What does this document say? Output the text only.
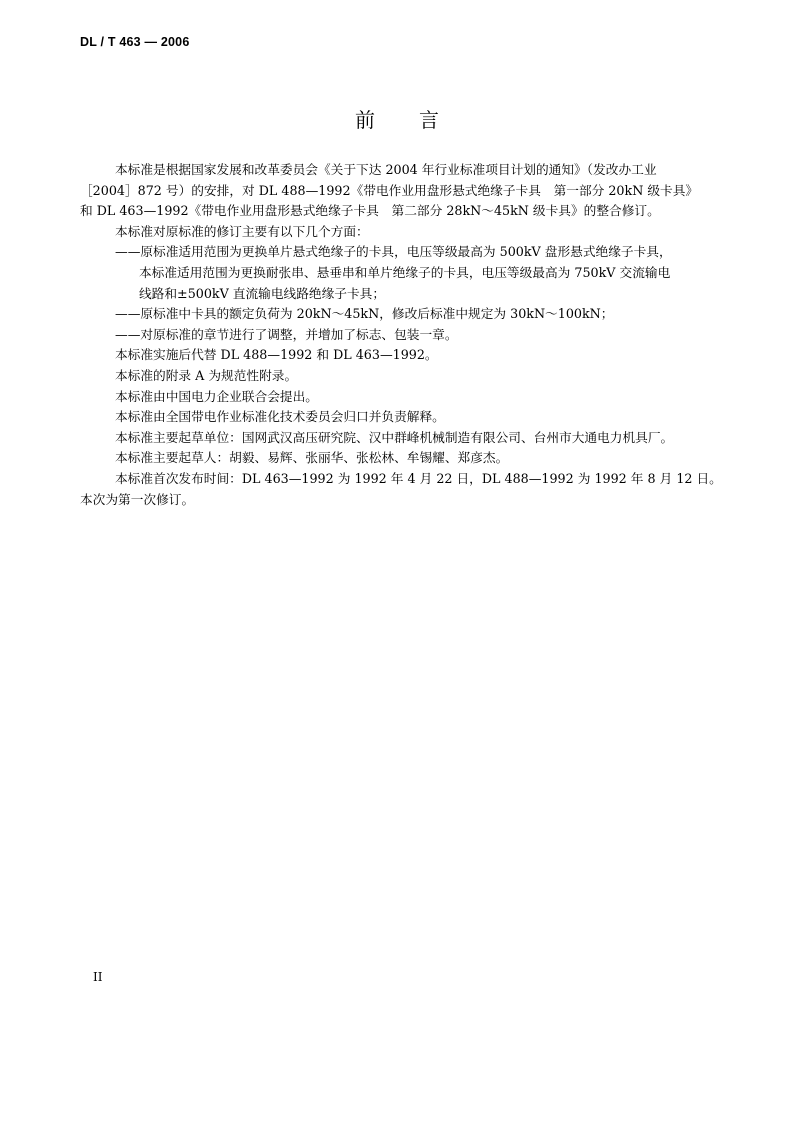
DL / T 463 — 2006
前 言

本标准是根据国家发展和改革委员会《关于下达 2004 年行业标准项目计划的通知》（发改办工业

［2004］872 号）的安排，对 DL 488—1992《带电作业用盘形悬式绝缘子卡具　第一部分 20kN 级卡具》

和 DL 463—1992《带电作业用盘形悬式绝缘子卡具　第二部分 28kN～45kN 级卡具》的整合修订。

本标准对原标准的修订主要有以下几个方面：

——原标准适用范围为更换单片悬式绝缘子的卡具，电压等级最高为 500kV 盘形悬式绝缘子卡具，

本标准适用范围为更换耐张串、悬垂串和单片绝缘子的卡具，电压等级最高为 750kV 交流输电

线路和±500kV 直流输电线路绝缘子卡具；

——原标准中卡具的额定负荷为 20kN～45kN，修改后标准中规定为 30kN～100kN；

——对原标准的章节进行了调整，并增加了标志、包装一章。

本标准实施后代替 DL 488—1992 和 DL 463—1992。

本标准的附录 A 为规范性附录。

本标准由中国电力企业联合会提出。

本标准由全国带电作业标准化技术委员会归口并负责解释。

本标准主要起草单位：国网武汉高压研究院、汉中群峰机械制造有限公司、台州市大通电力机具厂。

本标准主要起草人：胡毅、易辉、张丽华、张松林、牟锡耀、郑彦杰。

本标准首次发布时间：DL 463—1992 为 1992 年 4 月 22 日，DL 488—1992 为 1992 年 8 月 12 日。

本次为第一次修订。

II
